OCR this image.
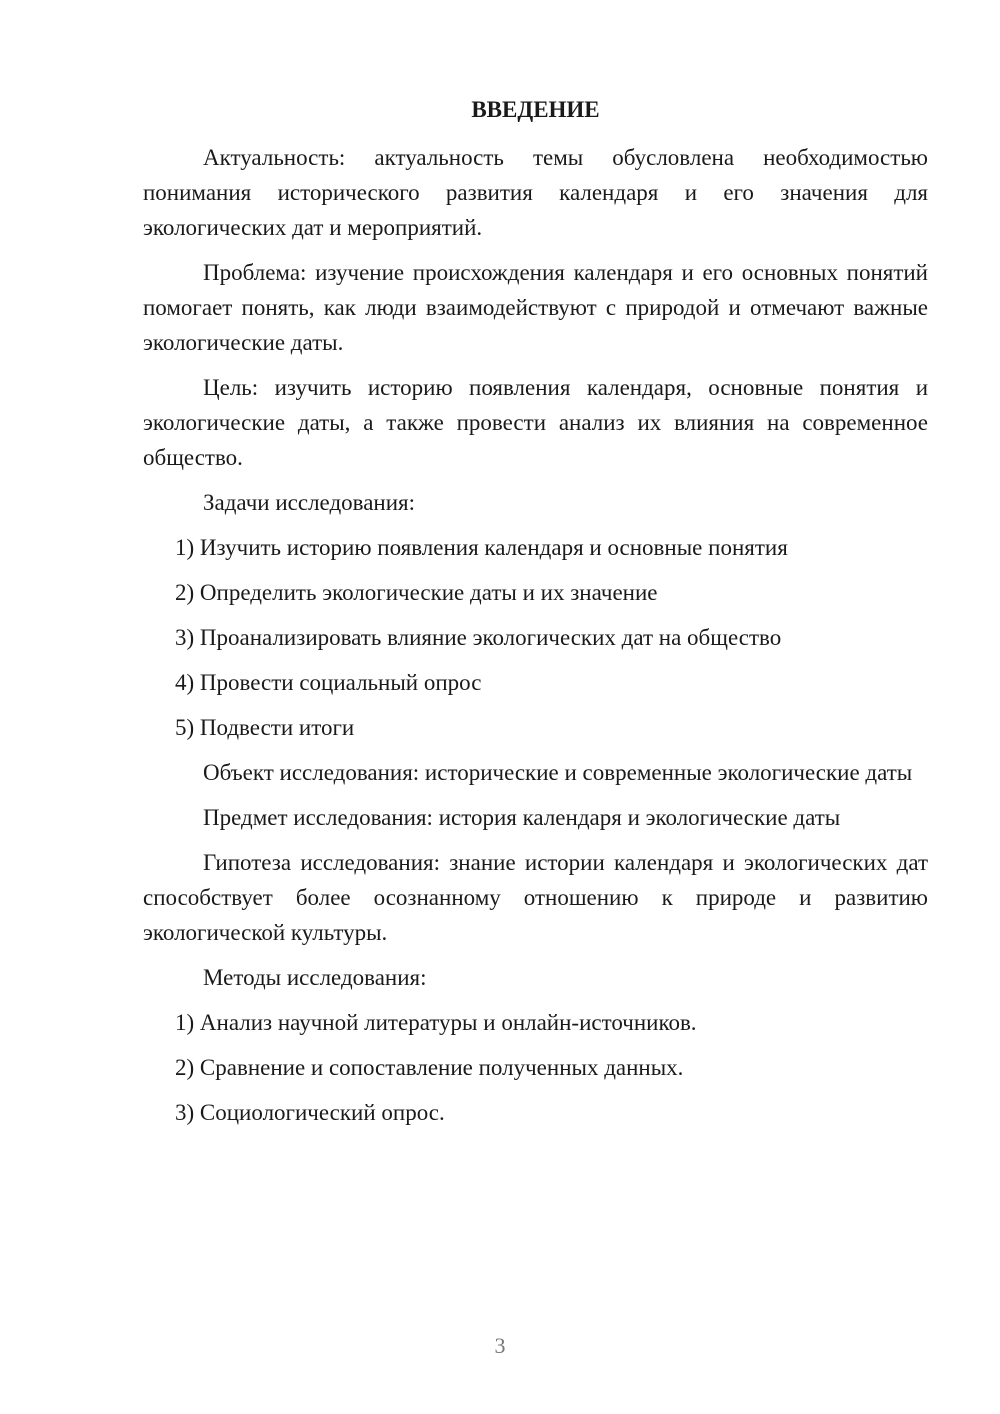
ВВЕДЕНИЕ

Актуальность: актуальность темы обусловлена необходимостью понимания исторического развития календаря и его значения для экологических дат и мероприятий.

Проблема: изучение происхождения календаря и его основных понятий помогает понять, как люди взаимодействуют с природой и отмечают важные экологические даты.

Цель: изучить историю появления календаря, основные понятия и экологические даты, а также провести анализ их влияния на современное общество.

Задачи исследования:

1) Изучить историю появления календаря и основные понятия

2) Определить экологические даты и их значение

3) Проанализировать влияние экологических дат на общество

4) Провести социальный опрос

5) Подвести итоги

Объект исследования: исторические и современные экологические даты

Предмет исследования: история календаря и экологические даты

Гипотеза исследования: знание истории календаря и экологических дат способствует более осознанному отношению к природе и развитию экологической культуры.

Методы исследования:

1) Анализ научной литературы и онлайн-источников.

2) Сравнение и сопоставление полученных данных.

3) Социологический опрос.

3
